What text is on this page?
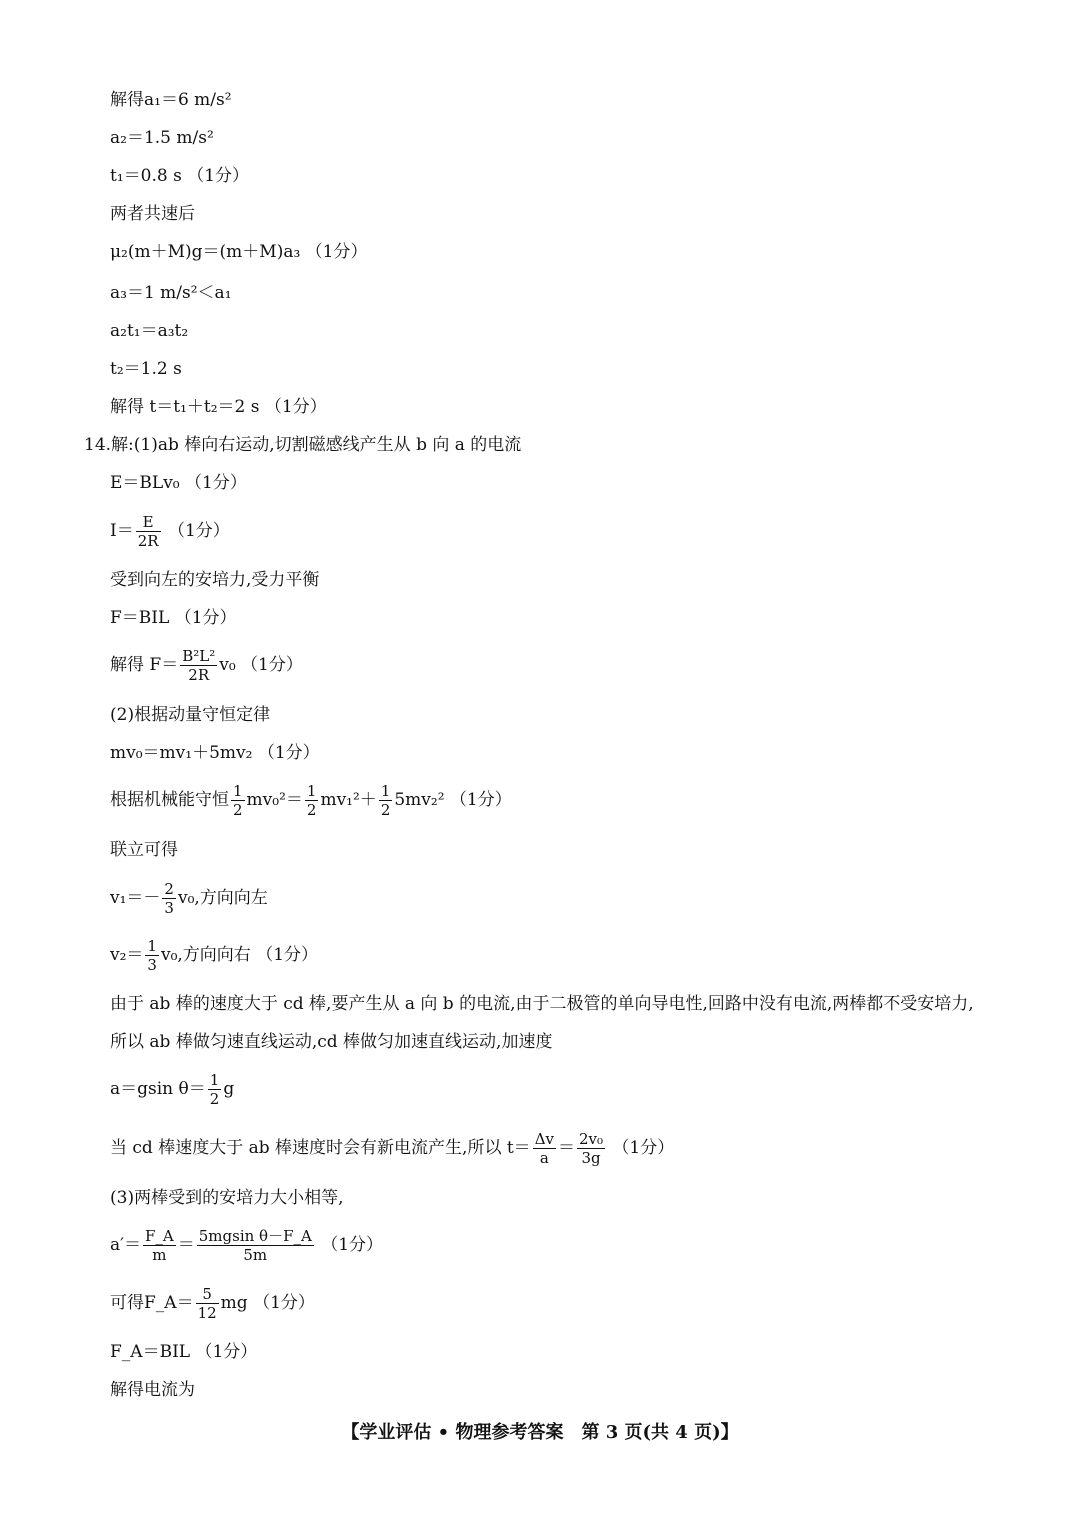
解得a₁＝6 m/s²
a₂＝1.5 m/s²
t₁＝0.8 s （1分）
两者共速后
μ₂(m＋M)g＝(m＋M)a₃ （1分）
a₃＝1 m/s²＜a₁
a₂t₁＝a₃t₂
t₂＝1.2 s
解得 t＝t₁＋t₂＝2 s （1分）
14.解:(1)ab 棒向右运动,切割磁感线产生从 b 向 a 的电流
E＝BLv₀ （1分）
$I= \frac{E}{2R} (1$分）
受到向左的安培力,受力平衡
F＝BIL （1分）
解得 $F= \frac{\text{B²L²}}{2R} v_0$ （1分）
(2)根据动量守恒定律
mv₀＝mv₁＋5mv₂ （1分）
根据机械能守恒 $\frac{1}{2} mv_0^2= \frac{1}{2} mv_1^2+ \frac{1}{2} 5mv_2^2$ （1分）
联立可得
$v_1=- \frac{2}{3} v_0$,方向向左
$v_2= \frac{1}{3} v_0$,方向向右 （1分）
由于 ab 棒的速度大于 cd 棒,要产生从 a 向 b 的电流,由于二极管的单向导电性,回路中没有电流,两棒都不受安培力,
所以 ab 棒做匀速直线运动,cd 棒做匀加速直线运动,加速度
a＝gsin $\theta= \frac{1}{2}$ g
当 cd 棒速度大于 ab 棒速度时会有新电流产生,所以 $t= \frac{\Delta v}{a} = \frac{\text{2v₀}}{3g} (1$分）
(3)两棒受到的安培力大小相等,
$a'= \frac{F\_A}{m} = \frac{\text{5mgsin θ－F\_A}}{5m} (1$分）
可得F_A＝ $\frac{5}{12}$ mg （1分）
F_A＝BIL （1分）
解得电流为
【学业评估 • 物理参考答案　第 3 页(共 4 页)】
